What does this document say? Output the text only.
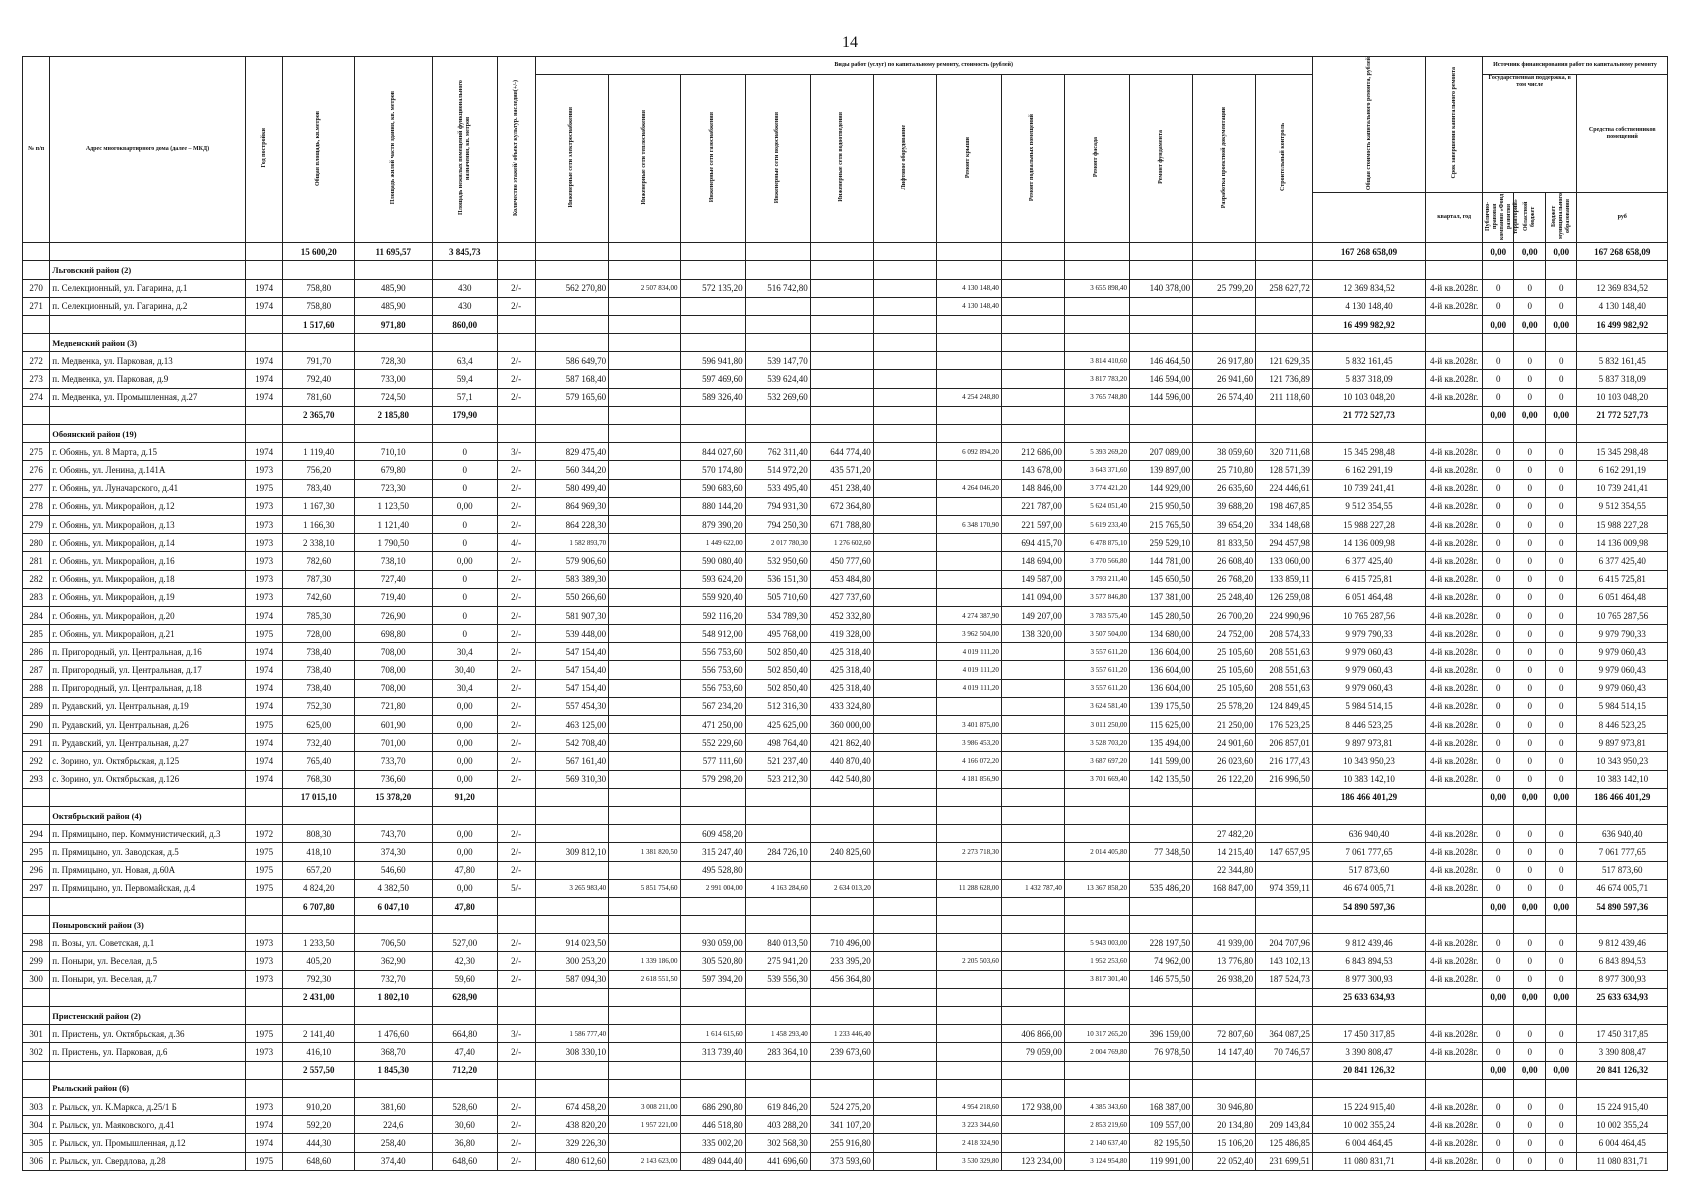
14
№ п/п	Адрес многоквартирного дома (далее – МКД)	Год постройки	Общая площадь, кв.метров	Площадь жилой части здания, кв. метров	Площадь нежилых помещений функционального назначения, кв. метров	Количество этажей/ объект культур. наследия(+/-)	Виды работ (услуг) по капитальному ремонту, стоимость (рублей)												Общая стоимость капитального ремонта, рублей	Срок завершения капитального ремонта	Источник финансирования работ по капитальному ремонту			
							Инженерные сети электроснабжения	Инженерные сети теплоснабжения	Инженерные сети газоснабжения	Инженерные сети водоснабжения	Инженерные сети водоотведения	Лифтовое оборудование	Ремонт крыши	Ремонт подвальных помещений	Ремонт фасада	Ремонт фундамента	Разработка проектной документации	Строительный контроль			Государственная поддержка, в том числе			Средства собственников помещений
																				квартал, год	Публично-правовая компания «Фонд развития территорий»	Областной бюджет	Бюджет муниципального образования	руб
			15 600,20	11 695,57	3 845,73														167 268 658,09		0,00	0,00	0,00	167 268 658,09
	Льговский район (2)																							
270	п. Селекционный, ул. Гагарина, д.1	1974	758,80	485,90	430	2/-	562 270,80	2 507 834,00	572 135,20	516 742,80			4 130 148,40		3 655 898,40	140 378,00	25 799,20	258 627,72	12 369 834,52	4-й кв.2028г.	0	0	0	12 369 834,52
271	п. Селекционный, ул. Гагарина, д.2	1974	758,80	485,90	430	2/-							4 130 148,40						4 130 148,40	4-й кв.2028г.	0	0	0	4 130 148,40
			1 517,60	971,80	860,00														16 499 982,92		0,00	0,00	0,00	16 499 982,92
	Медвенский район (3)																							
272	п. Медвенка, ул. Парковая, д.13	1974	791,70	728,30	63,4	2/-	586 649,70		596 941,80	539 147,70					3 814 410,60	146 464,50	26 917,80	121 629,35	5 832 161,45	4-й кв.2028г.	0	0	0	5 832 161,45
273	п. Медвенка, ул. Парковая, д.9	1974	792,40	733,00	59,4	2/-	587 168,40		597 469,60	539 624,40					3 817 783,20	146 594,00	26 941,60	121 736,89	5 837 318,09	4-й кв.2028г.	0	0	0	5 837 318,09
274	п. Медвенка, ул. Промышленная, д.27	1974	781,60	724,50	57,1	2/-	579 165,60		589 326,40	532 269,60			4 254 248,80		3 765 748,80	144 596,00	26 574,40	211 118,60	10 103 048,20	4-й кв.2028г.	0	0	0	10 103 048,20
			2 365,70	2 185,80	179,90														21 772 527,73		0,00	0,00	0,00	21 772 527,73
	Обоянский район (19)																							
275	г. Обоянь, ул. 8 Марта, д.15	1974	1 119,40	710,10	0	3/-	829 475,40		844 027,60	762 311,40	644 774,40		6 092 894,20	212 686,00	5 393 269,20	207 089,00	38 059,60	320 711,68	15 345 298,48	4-й кв.2028г.	0	0	0	15 345 298,48
276	г. Обоянь, ул. Ленина, д.141А	1973	756,20	679,80	0	2/-	560 344,20		570 174,80	514 972,20	435 571,20			143 678,00	3 643 371,60	139 897,00	25 710,80	128 571,39	6 162 291,19	4-й кв.2028г.	0	0	0	6 162 291,19
277	г. Обоянь, ул. Луначарского, д.41	1975	783,40	723,30	0	2/-	580 499,40		590 683,60	533 495,40	451 238,40		4 264 046,20	148 846,00	3 774 421,20	144 929,00	26 635,60	224 446,61	10 739 241,41	4-й кв.2028г.	0	0	0	10 739 241,41
278	г. Обоянь, ул. Микрорайон, д.12	1973	1 167,30	1 123,50	0,00	2/-	864 969,30		880 144,20	794 931,30	672 364,80			221 787,00	5 624 051,40	215 950,50	39 688,20	198 467,85	9 512 354,55	4-й кв.2028г.	0	0	0	9 512 354,55
279	г. Обоянь, ул. Микрорайон, д.13	1973	1 166,30	1 121,40	0	2/-	864 228,30		879 390,20	794 250,30	671 788,80		6 348 170,90	221 597,00	5 619 233,40	215 765,50	39 654,20	334 148,68	15 988 227,28	4-й кв.2028г.	0	0	0	15 988 227,28
280	г. Обоянь, ул. Микрорайон, д.14	1973	2 338,10	1 790,50	0	4/-	1 582 893,70		1 449 622,00	2 017 780,30	1 276 602,60			694 415,70	6 478 875,10	259 529,10	81 833,50	294 457,98	14 136 009,98	4-й кв.2028г.	0	0	0	14 136 009,98
281	г. Обоянь, ул. Микрорайон, д.16	1973	782,60	738,10	0,00	2/-	579 906,60		590 080,40	532 950,60	450 777,60			148 694,00	3 770 566,80	144 781,00	26 608,40	133 060,00	6 377 425,40	4-й кв.2028г.	0	0	0	6 377 425,40
282	г. Обоянь, ул. Микрорайон, д.18	1973	787,30	727,40	0	2/-	583 389,30		593 624,20	536 151,30	453 484,80			149 587,00	3 793 211,40	145 650,50	26 768,20	133 859,11	6 415 725,81	4-й кв.2028г.	0	0	0	6 415 725,81
283	г. Обоянь, ул. Микрорайон, д.19	1973	742,60	719,40	0	2/-	550 266,60		559 920,40	505 710,60	427 737,60			141 094,00	3 577 846,80	137 381,00	25 248,40	126 259,08	6 051 464,48	4-й кв.2028г.	0	0	0	6 051 464,48
284	г. Обоянь, ул. Микрорайон, д.20	1974	785,30	726,90	0	2/-	581 907,30		592 116,20	534 789,30	452 332,80		4 274 387,90	149 207,00	3 783 575,40	145 280,50	26 700,20	224 990,96	10 765 287,56	4-й кв.2028г.	0	0	0	10 765 287,56
285	г. Обоянь, ул. Микрорайон, д.21	1975	728,00	698,80	0	2/-	539 448,00		548 912,00	495 768,00	419 328,00		3 962 504,00	138 320,00	3 507 504,00	134 680,00	24 752,00	208 574,33	9 979 790,33	4-й кв.2028г.	0	0	0	9 979 790,33
286	п. Пригородный, ул. Центральная, д.16	1974	738,40	708,00	30,4	2/-	547 154,40		556 753,60	502 850,40	425 318,40		4 019 111,20		3 557 611,20	136 604,00	25 105,60	208 551,63	9 979 060,43	4-й кв.2028г.	0	0	0	9 979 060,43
287	п. Пригородный, ул. Центральная, д.17	1974	738,40	708,00	30,40	2/-	547 154,40		556 753,60	502 850,40	425 318,40		4 019 111,20		3 557 611,20	136 604,00	25 105,60	208 551,63	9 979 060,43	4-й кв.2028г.	0	0	0	9 979 060,43
288	п. Пригородный, ул. Центральная, д.18	1974	738,40	708,00	30,4	2/-	547 154,40		556 753,60	502 850,40	425 318,40		4 019 111,20		3 557 611,20	136 604,00	25 105,60	208 551,63	9 979 060,43	4-й кв.2028г.	0	0	0	9 979 060,43
289	п. Рудавский, ул. Центральная, д.19	1974	752,30	721,80	0,00	2/-	557 454,30		567 234,20	512 316,30	433 324,80				3 624 581,40	139 175,50	25 578,20	124 849,45	5 984 514,15	4-й кв.2028г.	0	0	0	5 984 514,15
290	п. Рудавский, ул. Центральная, д.26	1975	625,00	601,90	0,00	2/-	463 125,00		471 250,00	425 625,00	360 000,00		3 401 875,00		3 011 250,00	115 625,00	21 250,00	176 523,25	8 446 523,25	4-й кв.2028г.	0	0	0	8 446 523,25
291	п. Рудавский, ул. Центральная, д.27	1974	732,40	701,00	0,00	2/-	542 708,40		552 229,60	498 764,40	421 862,40		3 986 453,20		3 528 703,20	135 494,00	24 901,60	206 857,01	9 897 973,81	4-й кв.2028г.	0	0	0	9 897 973,81
292	с. Зорино, ул. Октябрьская, д.125	1974	765,40	733,70	0,00	2/-	567 161,40		577 111,60	521 237,40	440 870,40		4 166 072,20		3 687 697,20	141 599,00	26 023,60	216 177,43	10 343 950,23	4-й кв.2028г.	0	0	0	10 343 950,23
293	с. Зорино, ул. Октябрьская, д.126	1974	768,30	736,60	0,00	2/-	569 310,30		579 298,20	523 212,30	442 540,80		4 181 856,90		3 701 669,40	142 135,50	26 122,20	216 996,50	10 383 142,10	4-й кв.2028г.	0	0	0	10 383 142,10
			17 015,10	15 378,20	91,20														186 466 401,29		0,00	0,00	0,00	186 466 401,29
	Октябрьский район (4)																							
294	п. Прямицыно, пер. Коммунистический, д.3	1972	808,30	743,70	0,00	2/-			609 458,20								27 482,20		636 940,40	4-й кв.2028г.	0	0	0	636 940,40
295	п. Прямицыно, ул. Заводская, д.5	1975	418,10	374,30	0,00	2/-	309 812,10	1 381 820,50	315 247,40	284 726,10	240 825,60		2 273 718,30		2 014 405,80	77 348,50	14 215,40	147 657,95	7 061 777,65	4-й кв.2028г.	0	0	0	7 061 777,65
296	п. Прямицыно, ул. Новая, д.60А	1975	657,20	546,60	47,80	2/-			495 528,80								22 344,80		517 873,60	4-й кв.2028г.	0	0	0	517 873,60
297	п. Прямицыно, ул. Первомайская, д.4	1975	4 824,20	4 382,50	0,00	5/-	3 265 983,40	5 851 754,60	2 991 004,00	4 163 284,60	2 634 013,20		11 288 628,00	1 432 787,40	13 367 858,20	535 486,20	168 847,00	974 359,11	46 674 005,71	4-й кв.2028г.	0	0	0	46 674 005,71
			6 707,80	6 047,10	47,80														54 890 597,36		0,00	0,00	0,00	54 890 597,36
	Поныровский район (3)																							
298	п. Возы, ул. Советская, д.1	1973	1 233,50	706,50	527,00	2/-	914 023,50		930 059,00	840 013,50	710 496,00				5 943 003,00	228 197,50	41 939,00	204 707,96	9 812 439,46	4-й кв.2028г.	0	0	0	9 812 439,46
299	п. Поныри, ул. Веселая, д.5	1973	405,20	362,90	42,30	2/-	300 253,20	1 339 186,00	305 520,80	275 941,20	233 395,20		2 205 503,60		1 952 253,60	74 962,00	13 776,80	143 102,13	6 843 894,53	4-й кв.2028г.	0	0	0	6 843 894,53
300	п. Поныри, ул. Веселая, д.7	1973	792,30	732,70	59,60	2/-	587 094,30	2 618 551,50	597 394,20	539 556,30	456 364,80				3 817 301,40	146 575,50	26 938,20	187 524,73	8 977 300,93	4-й кв.2028г.	0	0	0	8 977 300,93
			2 431,00	1 802,10	628,90														25 633 634,93		0,00	0,00	0,00	25 633 634,93
	Пристенский район (2)																							
301	п. Пристень, ул. Октябрьская, д.36	1975	2 141,40	1 476,60	664,80	3/-	1 586 777,40		1 614 615,60	1 458 293,40	1 233 446,40			406 866,00	10 317 265,20	396 159,00	72 807,60	364 087,25	17 450 317,85	4-й кв.2028г.	0	0	0	17 450 317,85
302	п. Пристень, ул. Парковая, д.6	1973	416,10	368,70	47,40	2/-	308 330,10		313 739,40	283 364,10	239 673,60			79 059,00	2 004 769,80	76 978,50	14 147,40	70 746,57	3 390 808,47	4-й кв.2028г.	0	0	0	3 390 808,47
			2 557,50	1 845,30	712,20														20 841 126,32		0,00	0,00	0,00	20 841 126,32
	Рыльский район (6)																							
303	г. Рыльск, ул. К.Маркса, д.25/1 Б	1973	910,20	381,60	528,60	2/-	674 458,20	3 008 211,00	686 290,80	619 846,20	524 275,20		4 954 218,60	172 938,00	4 385 343,60	168 387,00	30 946,80		15 224 915,40	4-й кв.2028г.	0	0	0	15 224 915,40
304	г. Рыльск, ул. Маяковского, д.41	1974	592,20	224,6	30,60	2/-	438 820,20	1 957 221,00	446 518,80	403 288,20	341 107,20		3 223 344,60		2 853 219,60	109 557,00	20 134,80	209 143,84	10 002 355,24	4-й кв.2028г.	0	0	0	10 002 355,24
305	г. Рыльск, ул. Промышленная, д.12	1974	444,30	258,40	36,80	2/-	329 226,30		335 002,20	302 568,30	255 916,80		2 418 324,90		2 140 637,40	82 195,50	15 106,20	125 486,85	6 004 464,45	4-й кв.2028г.	0	0	0	6 004 464,45
306	г. Рыльск, ул. Свердлова, д.28	1975	648,60	374,40	648,60	2/-	480 612,60	2 143 623,00	489 044,40	441 696,60	373 593,60		3 530 329,80	123 234,00	3 124 954,80	119 991,00	22 052,40	231 699,51	11 080 831,71	4-й кв.2028г.	0	0	0	11 080 831,71
